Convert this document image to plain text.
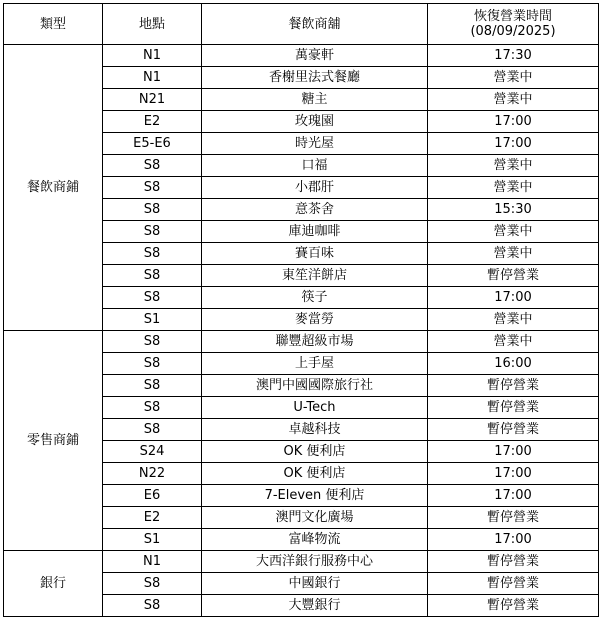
類型	地點	餐飲商舖	恢復營業時間
(08/09/2025)

餐飲商鋪	N1	萬豪軒	17:30
	N1	香榭里法式餐廳	營業中
	N21	糖主	營業中
	E2	玫瑰園	17:00
	E5-E6	時光屋	17:00
	S8	口福	營業中
	S8	小郡肝	營業中
	S8	意茶舍	15:30
	S8	庫迪咖啡	營業中
	S8	賽百味	營業中
	S8	東笙洋餅店	暫停營業
	S8	筷子	17:00
	S1	麥當勞	營業中
零售商鋪	S8	聯豐超級市場	營業中
	S8	上手屋	16:00
	S8	澳門中國國際旅行社	暫停營業
	S8	U-Tech	暫停營業
	S8	卓越科技	暫停營業
	S24	OK 便利店	17:00
	N22	OK 便利店	17:00
	E6	7-Eleven 便利店	17:00
	E2	澳門文化廣場	暫停營業
	S1	富峰物流	17:00
銀行	N1	大西洋銀行服務中心	暫停營業
	S8	中國銀行	暫停營業
	S8	大豐銀行	暫停營業
